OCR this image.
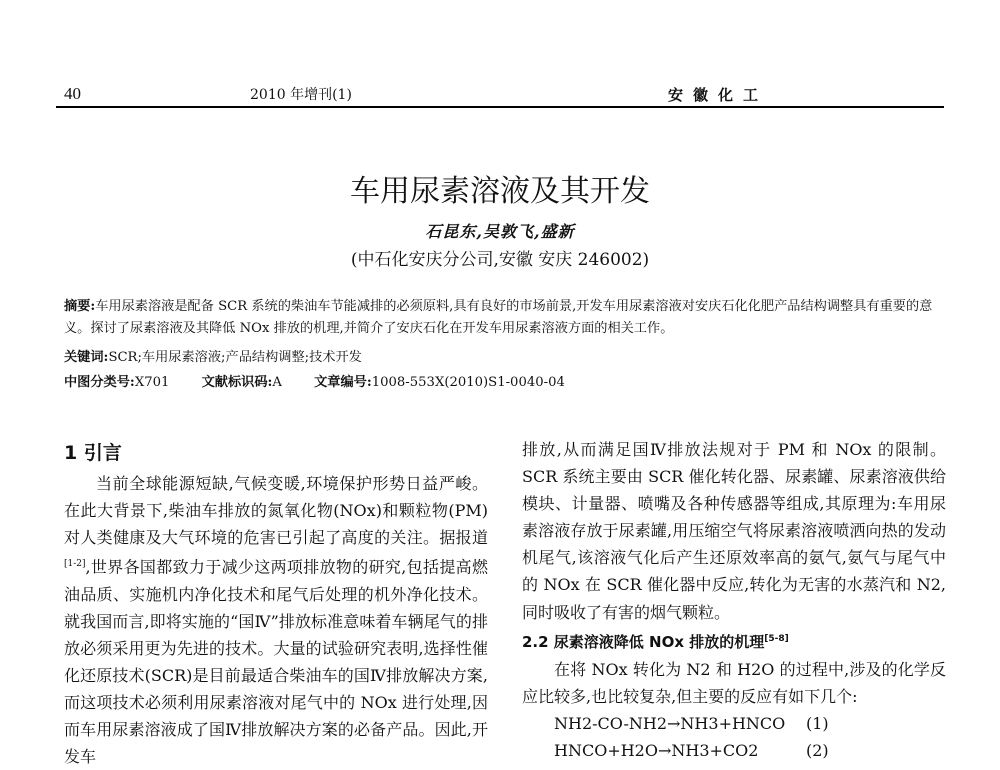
40	2010 年增刊(1)	安徽化工
车用尿素溶液及其开发
石昆东,吴敦飞,盛新
(中石化安庆分公司,安徽 安庆 246002)
摘要:车用尿素溶液是配备 SCR 系统的柴油车节能减排的必须原料,具有良好的市场前景,开发车用尿素溶液对安庆石化化肥产品结构调整具有重要的意义。探讨了尿素溶液及其降低 NOx 排放的机理,并简介了安庆石化在开发车用尿素溶液方面的相关工作。
关键词:SCR;车用尿素溶液;产品结构调整;技术开发
中图分类号:X701 文献标识码:A 文章编号:1008-553X(2010)S1-0040-04
1 引言

当前全球能源短缺,气候变暖,环境保护形势日益严峻。在此大背景下,柴油车排放的氮氧化物(NOx)和颗粒物(PM)对人类健康及大气环境的危害已引起了高度的关注。据报道[1-2],世界各国都致力于减少这两项排放物的研究,包括提高燃油品质、实施机内净化技术和尾气后处理的机外净化技术。就我国而言,即将实施的“国Ⅳ”排放标准意味着车辆尾气的排放必须采用更为先进的技术。大量的试验研究表明,选择性催化还原技术(SCR)是目前最适合柴油车的国Ⅳ排放解决方案,而这项技术必须利用尿素溶液对尾气中的 NOx 进行处理,因而车用尿素溶液成了国Ⅳ排放解决方案的必备产品。因此,开发车

排放,从而满足国Ⅳ排放法规对于 PM 和 NOx 的限制。SCR 系统主要由 SCR 催化转化器、尿素罐、尿素溶液供给模块、计量器、喷嘴及各种传感器等组成,其原理为:车用尿素溶液存放于尿素罐,用压缩空气将尿素溶液喷洒向热的发动机尾气,该溶液气化后产生还原效率高的氨气,氨气与尾气中的 NOx 在 SCR 催化器中反应,转化为无害的水蒸汽和 N2,同时吸收了有害的烟气颗粒。

2.2 尿素溶液降低 NOx 排放的机理[5-8]

在将 NOx 转化为 N2 和 H2O 的过程中,涉及的化学反应比较多,也比较复杂,但主要的反应有如下几个:

NH2-CO-NH2→NH3+HNCO (1)
HNCO+H2O→NH3+CO2	(2)
